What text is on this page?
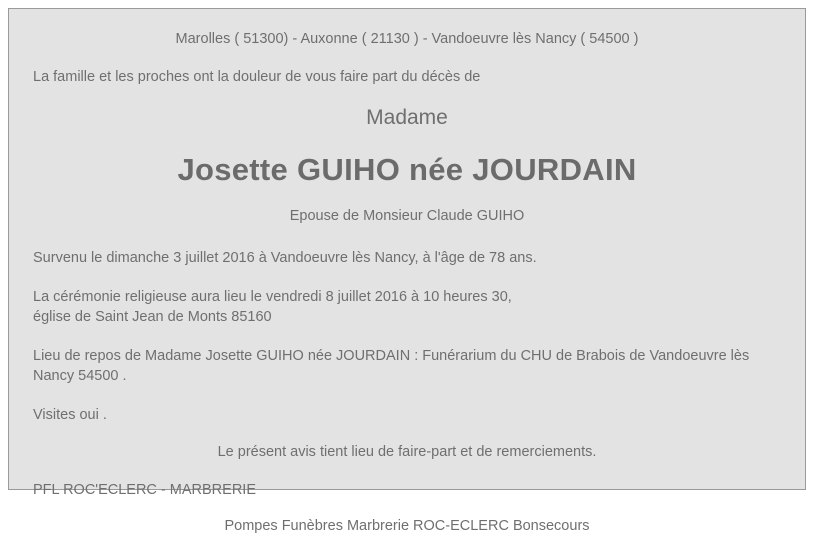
Marolles ( 51300) - Auxonne ( 21130 ) - Vandoeuvre lès Nancy ( 54500 )
La famille et les proches ont la douleur de vous faire part du décès de
Madame
Josette GUIHO née JOURDAIN
Epouse de Monsieur Claude GUIHO
Survenu le dimanche 3 juillet 2016 à Vandoeuvre lès Nancy, à l'âge de 78 ans.
La cérémonie religieuse aura lieu le vendredi 8 juillet 2016 à 10 heures 30,
église de Saint Jean de Monts 85160
Lieu de repos de Madame Josette GUIHO née JOURDAIN : Funérarium du CHU de Brabois de Vandoeuvre lès Nancy 54500 .
Visites oui .
Le présent avis tient lieu de faire-part et de remerciements.
PFL ROC'ECLERC - MARBRERIE
Pompes Funèbres Marbrerie ROC-ECLERC Bonsecours
